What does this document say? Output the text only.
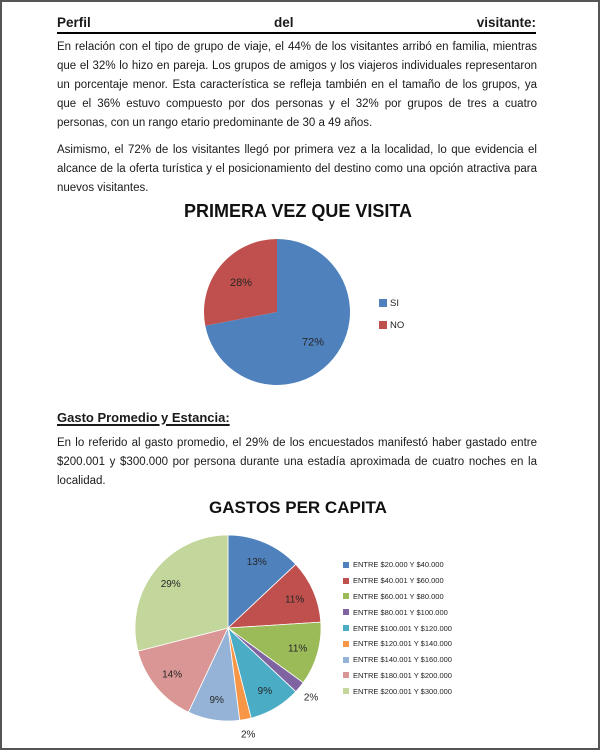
Perfil	del	visitante:

En relación con el tipo de grupo de viaje, el 44% de los visitantes arribó en familia, mientras que el 32% lo hizo en pareja. Los grupos de amigos y los viajeros individuales representaron un porcentaje menor. Esta característica se refleja también en el tamaño de los grupos, ya que el 36% estuvo compuesto por dos personas y el 32% por grupos de tres a cuatro personas, con un rango etario predominante de 30 a 49 años.

Asimismo, el 72% de los visitantes llegó por primera vez a la localidad, lo que evidencia el alcance de la oferta turística y el posicionamiento del destino como una opción atractiva para nuevos visitantes.

PRIMERA VEZ QUE VISITA
72%
28%
13%
11%
11%
2%
9%
2%
9%
14%
29%
SI
NO
Gasto Promedio y Estancia:

En lo referido al gasto promedio, el 29% de los encuestados manifestó haber gastado entre $200.001 y $300.000 por persona durante una estadía aproximada de cuatro noches en la localidad.

GASTOS PER CAPITA
ENTRE $20.000 Y $40.000
ENTRE $40.001 Y $60.000
ENTRE $60.001 Y $80.000
ENTRE $80.001 Y $100.000
ENTRE $100.001 Y $120.000
ENTRE $120.001 Y $140.000
ENTRE $140.001 Y $160.000
ENTRE $180.001 Y $200.000
ENTRE $200.001 Y $300.000
